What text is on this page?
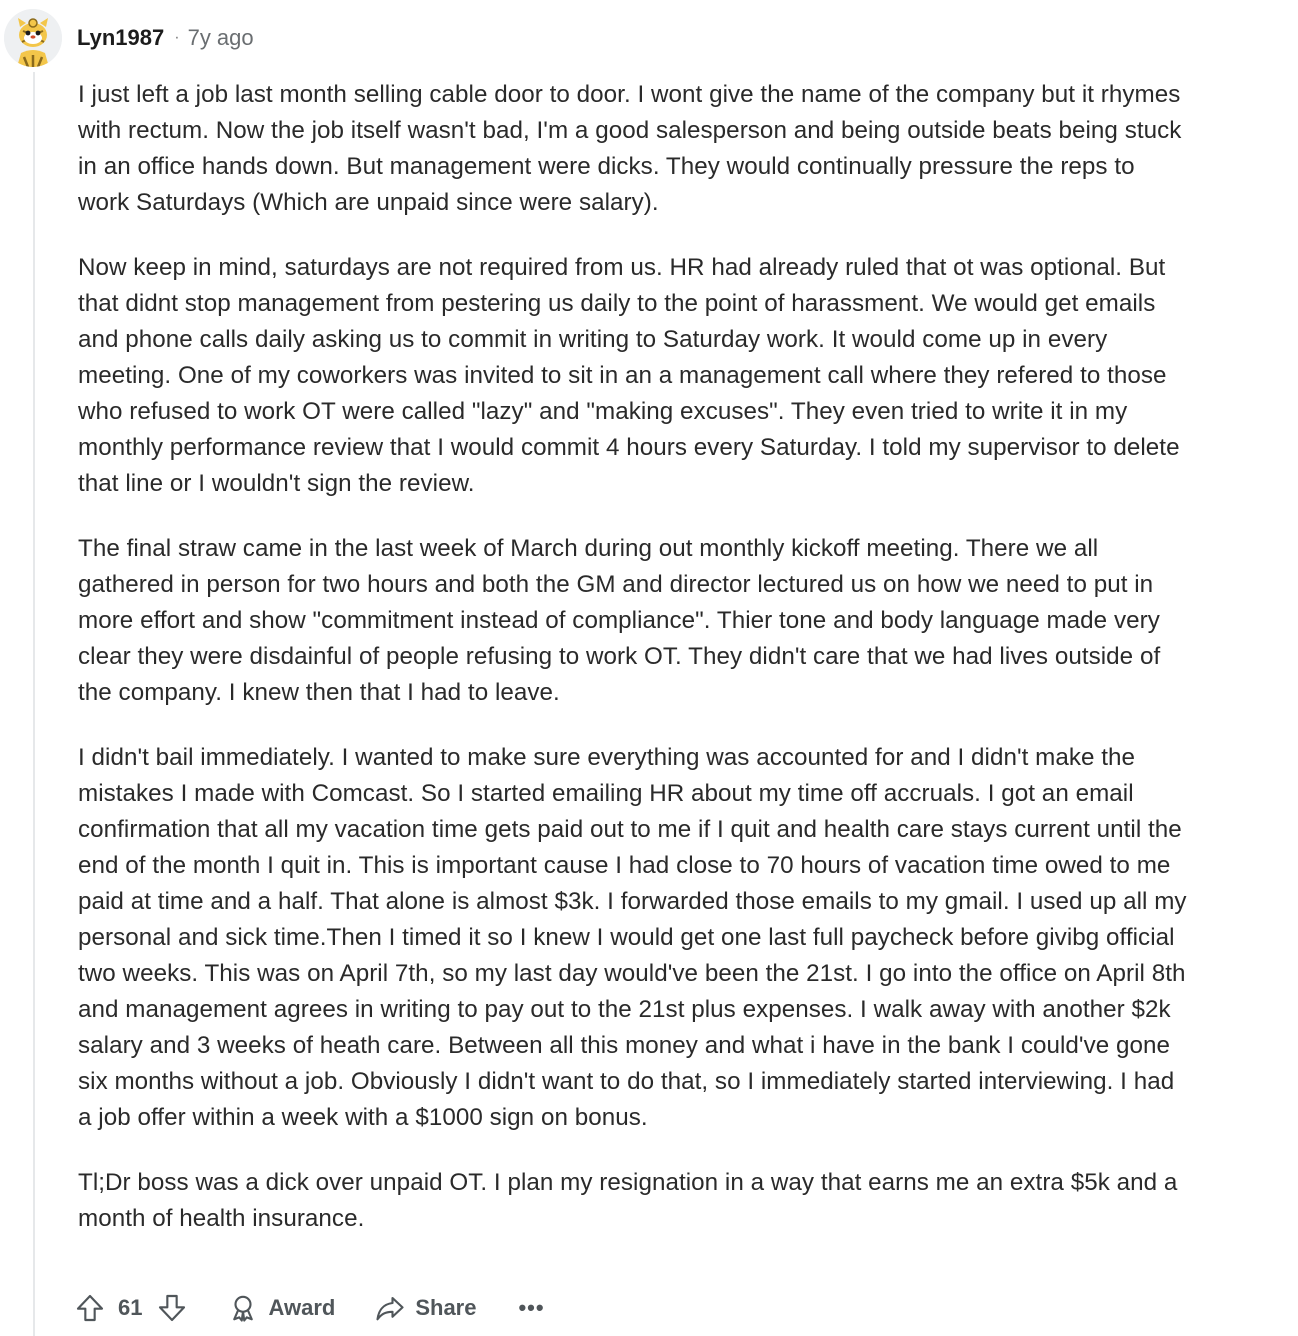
Lyn1987 · 7y ago

I just left a job last month selling cable door to door. I wont give the name of the company but it rhymes with rectum. Now the job itself wasn't bad, I'm a good salesperson and being outside beats being stuck in an office hands down. But management were dicks. They would continually pressure the reps to work Saturdays (Which are unpaid since were salary).

Now keep in mind, saturdays are not required from us. HR had already ruled that ot was optional. But that didnt stop management from pestering us daily to the point of harassment. We would get emails and phone calls daily asking us to commit in writing to Saturday work. It would come up in every meeting. One of my coworkers was invited to sit in an a management call where they refered to those who refused to work OT were called "lazy" and "making excuses". They even tried to write it in my monthly performance review that I would commit 4 hours every Saturday. I told my supervisor to delete that line or I wouldn't sign the review.

The final straw came in the last week of March during out monthly kickoff meeting. There we all gathered in person for two hours and both the GM and director lectured us on how we need to put in more effort and show "commitment instead of compliance". Thier tone and body language made very clear they were disdainful of people refusing to work OT. They didn't care that we had lives outside of the company. I knew then that I had to leave.

I didn't bail immediately. I wanted to make sure everything was accounted for and I didn't make the mistakes I made with Comcast. So I started emailing HR about my time off accruals. I got an email confirmation that all my vacation time gets paid out to me if I quit and health care stays current until the end of the month I quit in. This is important cause I had close to 70 hours of vacation time owed to me paid at time and a half. That alone is almost $3k. I forwarded those emails to my gmail. I used up all my personal and sick time.Then I timed it so I knew I would get one last full paycheck before givibg official two weeks. This was on April 7th, so my last day would've been the 21st. I go into the office on April 8th and management agrees in writing to pay out to the 21st plus expenses. I walk away with another $2k salary and 3 weeks of heath care. Between all this money and what i have in the bank I could've gone six months without a job. Obviously I didn't want to do that, so I immediately started interviewing. I had a job offer within a week with a $1000 sign on bonus.

Tl;Dr boss was a dick over unpaid OT. I plan my resignation in a way that earns me an extra $5k and a month of health insurance.

61	Award	Share •••
